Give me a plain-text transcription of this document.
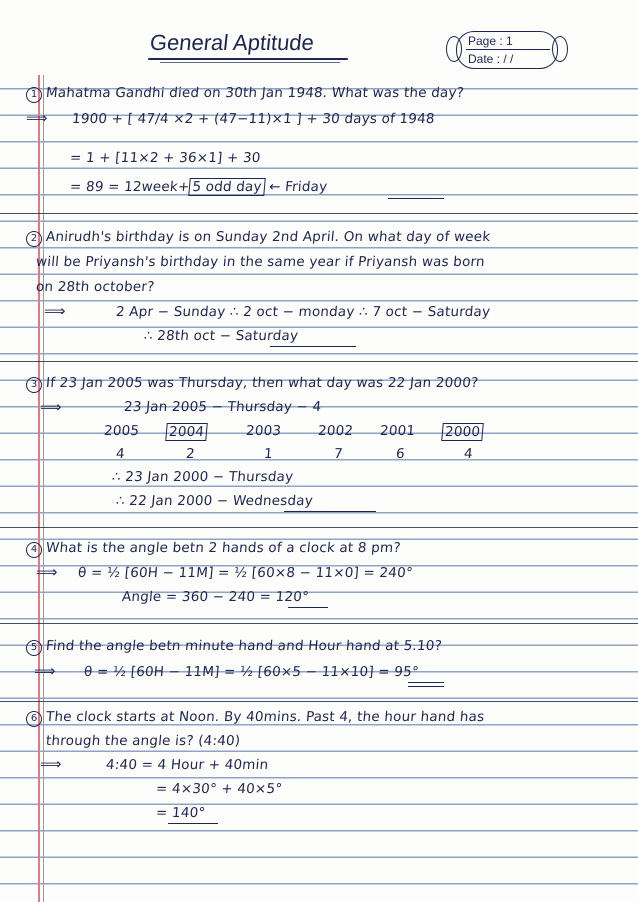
General Aptitude	Page : 1
Date : / /
1 Mahatma Gandhi died on 30th Jan 1948. What was the day?
⟹ 1900 + [ 47/4 ×2 + (47−11)×1 ] + 30 days of 1948
= 1 + [11×2 + 36×1] + 30
= 89 = 12week+ 5 odd day ← Friday
2 Anirudh's birthday is on Sunday 2nd April. On what day of week
will be Priyansh's birthday in the same year if Priyansh was born
on 28th october?
⟹	2 Apr − Sunday ∴ 2 oct − monday ∴ 7 oct − Saturday
∴ 28th oct − Saturday
3 If 23 Jan 2005 was Thursday, then what day was 22 Jan 2000?
⟹	23 Jan 2005 − Thursday − 4
2005 2004	2003	2002 2001 2000
4	2	1	7	6	4
∴ 23 Jan 2000 − Thursday
∴ 22 Jan 2000 − Wednesday
4 What is the angle betn 2 hands of a clock at 8 pm?
⟹ θ = ½ [60H − 11M] = ½ [60×8 − 11×0] = 240°
Angle = 360 − 240 = 120°
5 Find the angle betn minute hand and Hour hand at 5.10?
⟹ θ = ½ [60H − 11M] = ½ [60×5 − 11×10] = 95°
6 The clock starts at Noon. By 40mins. Past 4, the hour hand has
through the angle is? (4:40)
⟹	4:40 = 4 Hour + 40min
= 4×30° + 40×5°
= 140°
